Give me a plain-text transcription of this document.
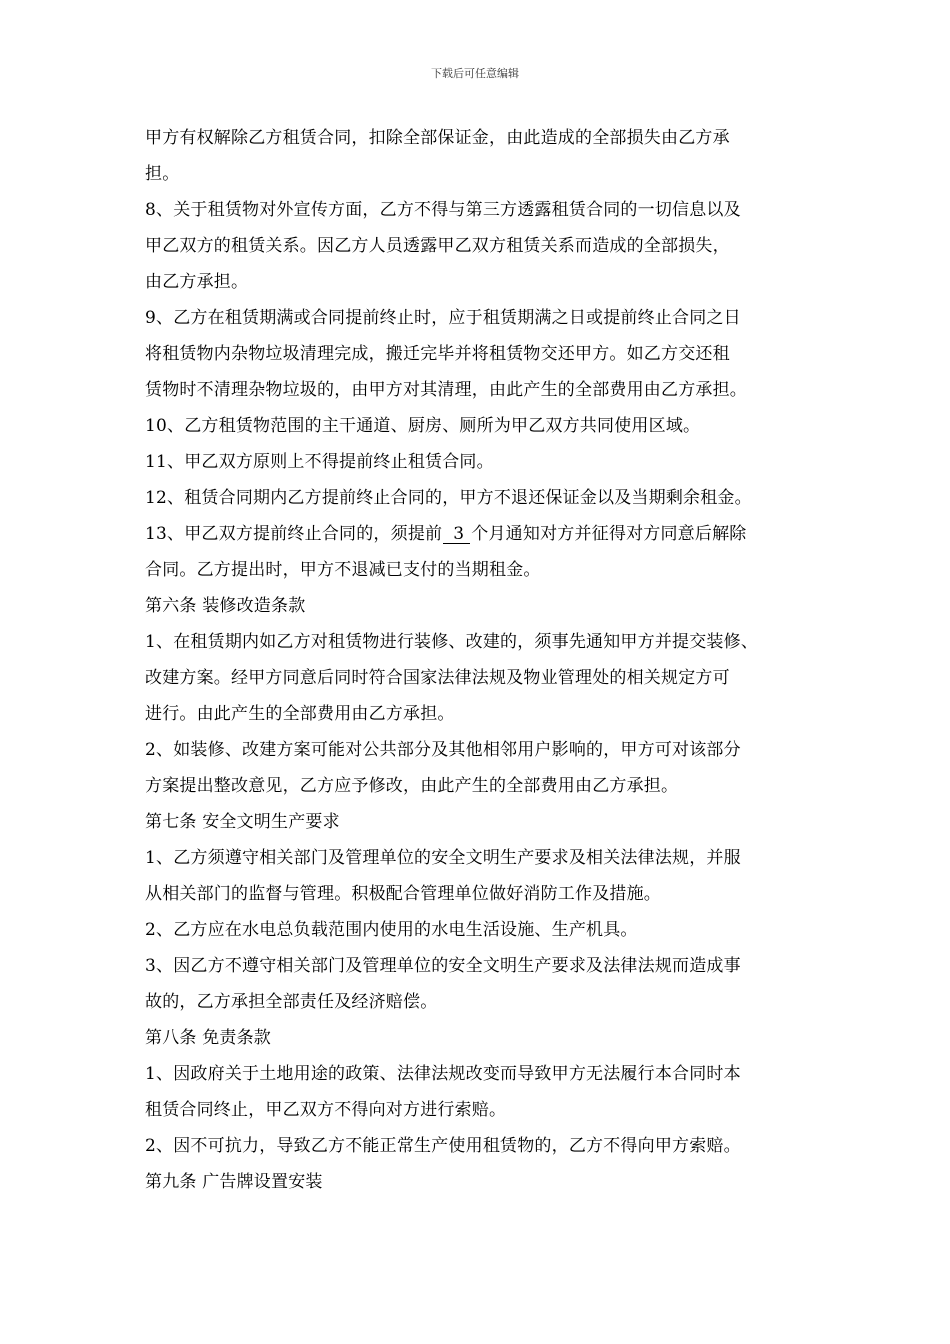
下载后可任意编辑
甲方有权解除乙方租赁合同，扣除全部保证金，由此造成的全部损失由乙方承
担。
8、关于租赁物对外宣传方面，乙方不得与第三方透露租赁合同的一切信息以及
甲乙双方的租赁关系。因乙方人员透露甲乙双方租赁关系而造成的全部损失，
由乙方承担。
9、乙方在租赁期满或合同提前终止时，应于租赁期满之日或提前终止合同之日
将租赁物内杂物垃圾清理完成，搬迁完毕并将租赁物交还甲方。如乙方交还租
赁物时不清理杂物垃圾的，由甲方对其清理，由此产生的全部费用由乙方承担。
10、乙方租赁物范围的主干通道、厨房、厕所为甲乙双方共同使用区域。
11、甲乙双方原则上不得提前终止租赁合同。
12、租赁合同期内乙方提前终止合同的，甲方不退还保证金以及当期剩余租金。
13、甲乙双方提前终止合同的，须提前 3 个月通知对方并征得对方同意后解除
合同。乙方提出时，甲方不退减已支付的当期租金。
第六条 装修改造条款
1、在租赁期内如乙方对租赁物进行装修、改建的，须事先通知甲方并提交装修、
改建方案。经甲方同意后同时符合国家法律法规及物业管理处的相关规定方可
进行。由此产生的全部费用由乙方承担。
2、如装修、改建方案可能对公共部分及其他相邻用户影响的，甲方可对该部分
方案提出整改意见，乙方应予修改，由此产生的全部费用由乙方承担。
第七条 安全文明生产要求
1、乙方须遵守相关部门及管理单位的安全文明生产要求及相关法律法规，并服
从相关部门的监督与管理。积极配合管理单位做好消防工作及措施。
2、乙方应在水电总负载范围内使用的水电生活设施、生产机具。
3、因乙方不遵守相关部门及管理单位的安全文明生产要求及法律法规而造成事
故的，乙方承担全部责任及经济赔偿。
第八条 免责条款
1、因政府关于土地用途的政策、法律法规改变而导致甲方无法履行本合同时本
租赁合同终止，甲乙双方不得向对方进行索赔。
2、因不可抗力，导致乙方不能正常生产使用租赁物的，乙方不得向甲方索赔。
第九条 广告牌设置安装
